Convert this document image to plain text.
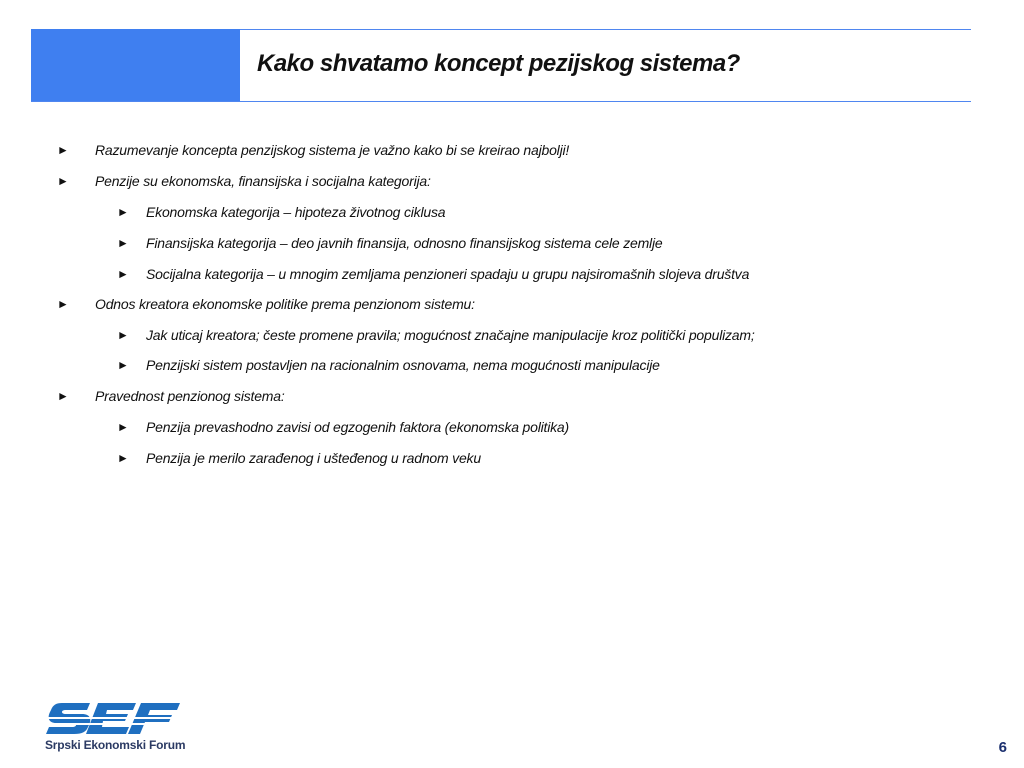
Kako shvatamo koncept pezijskog sistema?
►	Razumevanje koncepta penzijskog sistema je važno kako bi se kreirao najbolji!
►	Penzije su ekonomska, finansijska i socijalna kategorija:
►	Ekonomska kategorija – hipoteza životnog ciklusa
►	Finansijska kategorija – deo javnih finansija, odnosno finansijskog sistema cele zemlje
►	Socijalna kategorija – u mnogim zemljama penzioneri spadaju u grupu najsiromašnih slojeva društva
►	Odnos kreatora ekonomske politike prema penzionom sistemu:
►	Jak uticaj kreatora; česte promene pravila; mogućnost značajne manipulacije kroz politički populizam;
►	Penzijski sistem postavljen na racionalnim osnovama, nema mogućnosti manipulacije
►	Pravednost penzionog sistema:
►	Penzija prevashodno zavisi od egzogenih faktora (ekonomska politika)
►	Penzija je merilo zarađenog i uštеđenog u radnom veku
Srpski Ekonomski Forum	6
